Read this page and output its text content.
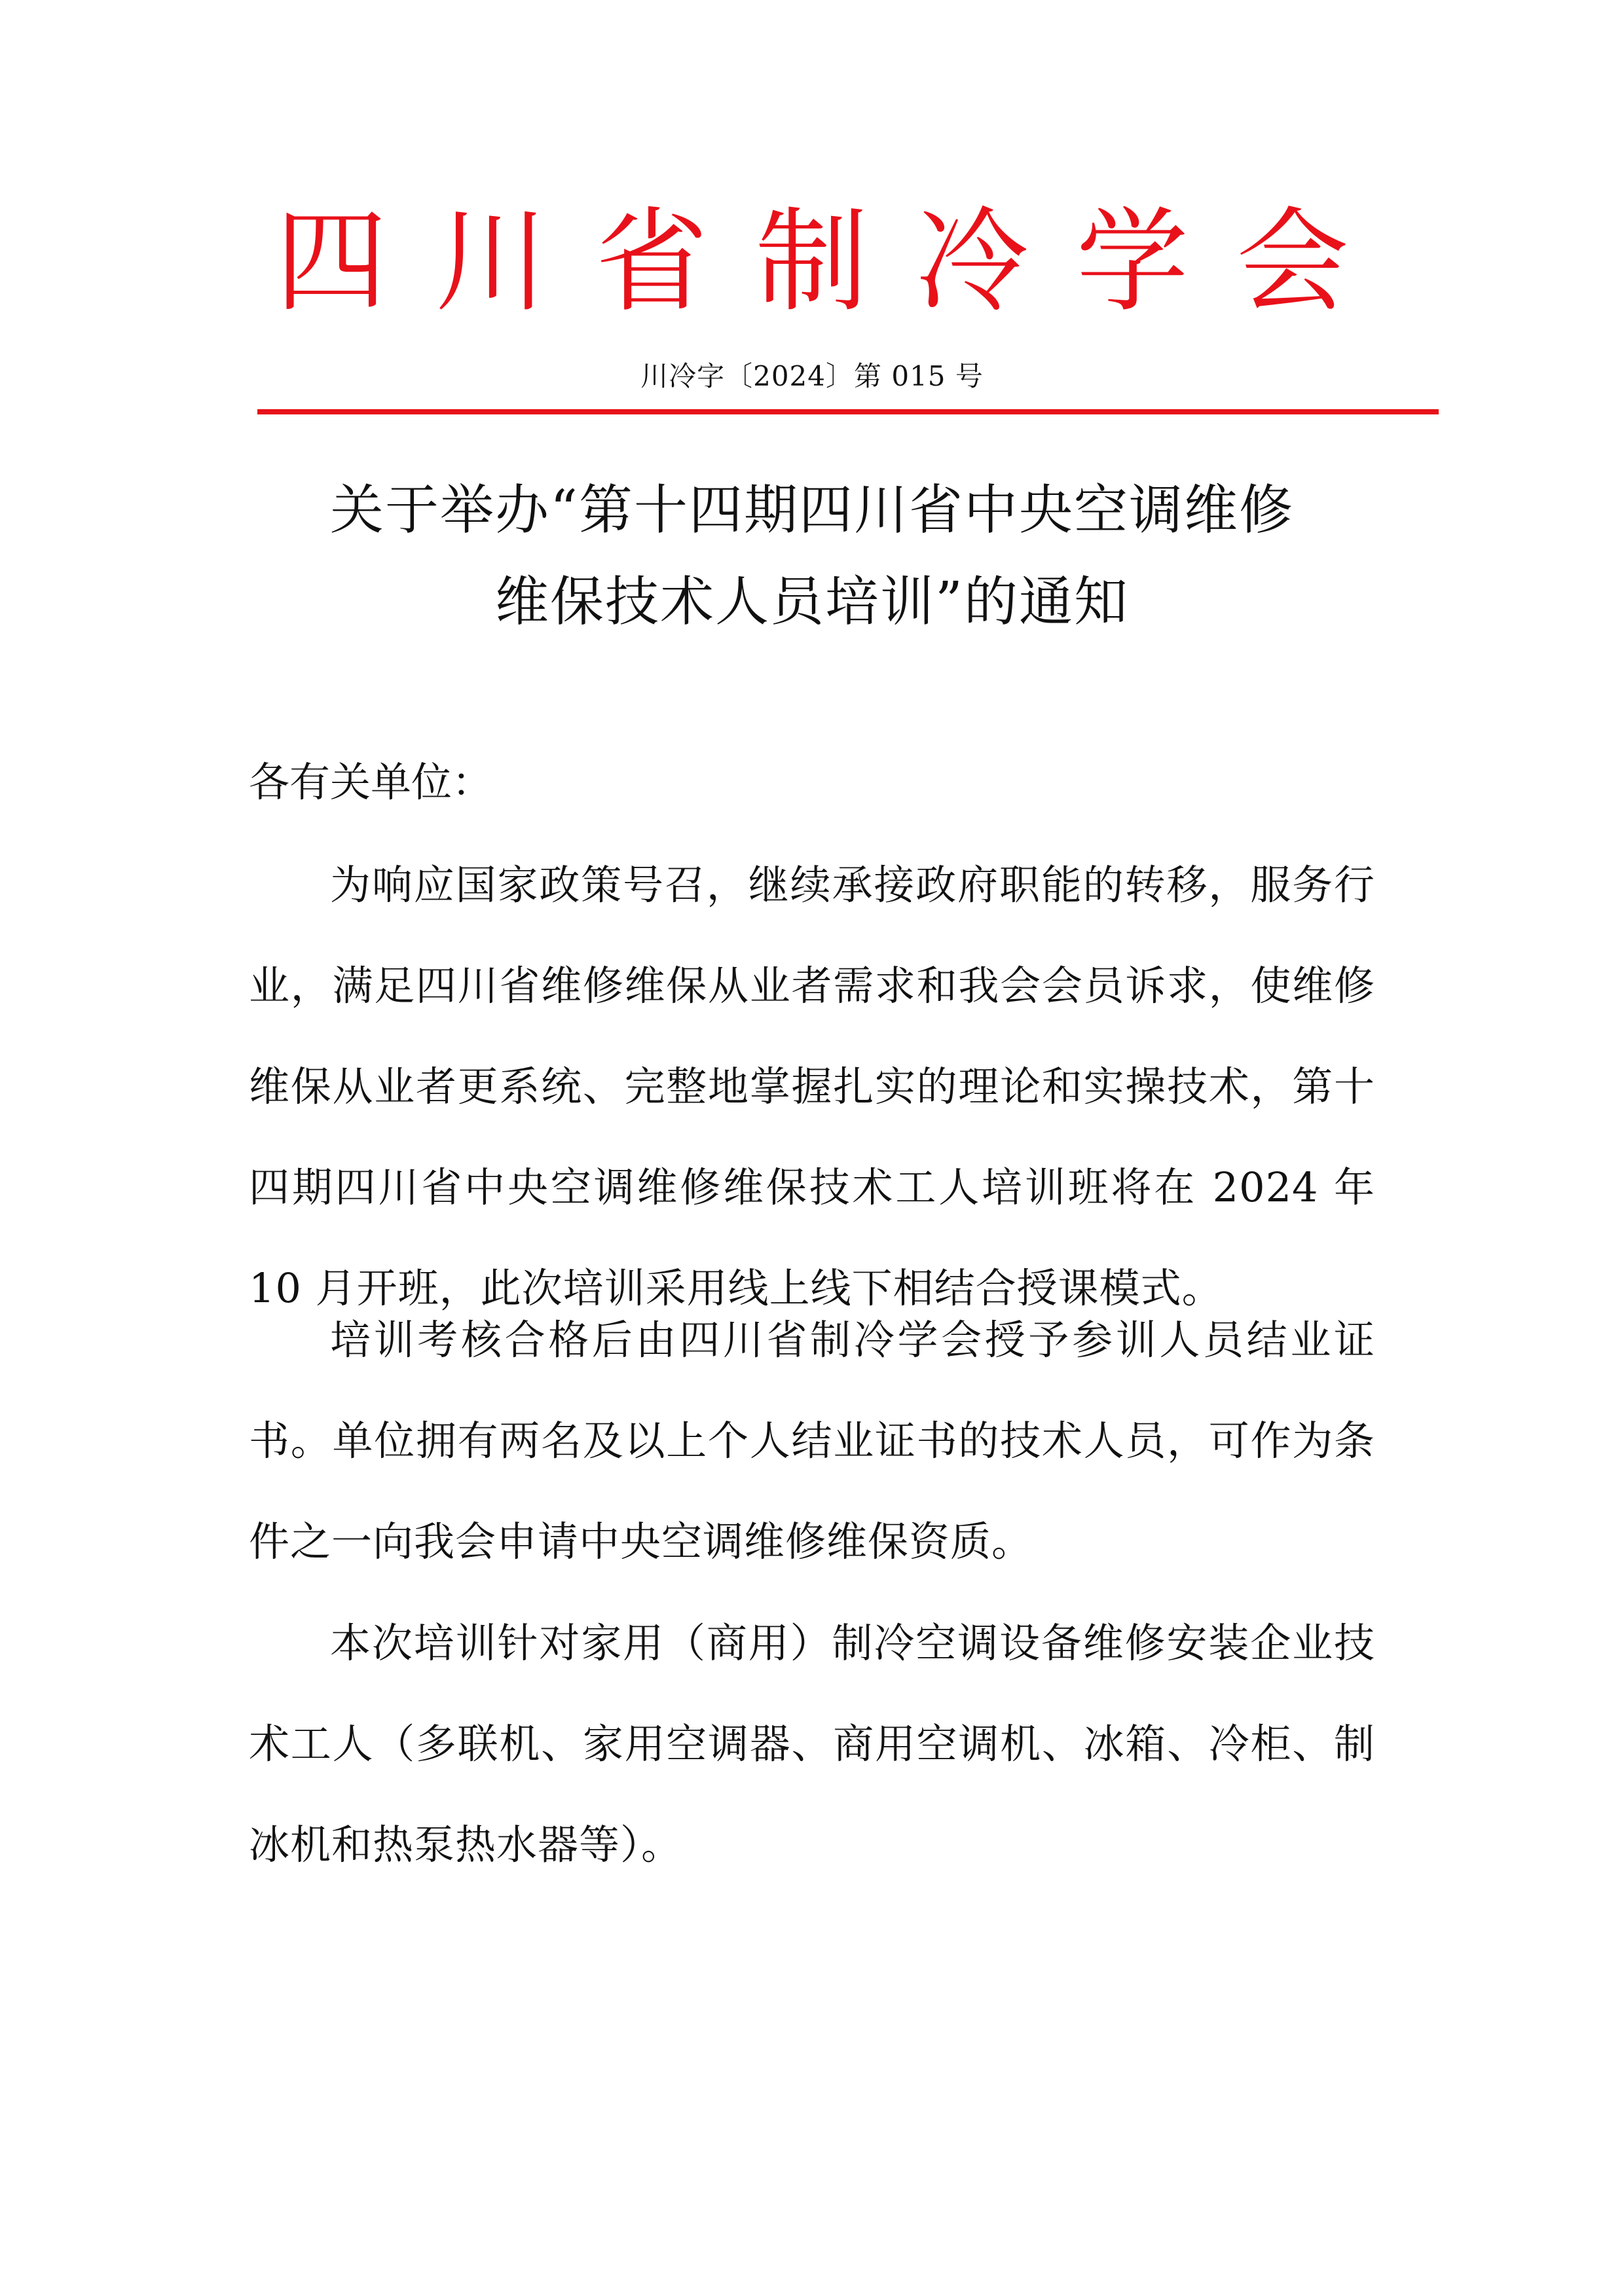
四 川 省 制 冷 学 会
川冷字〔2024〕第 015 号
关于举办“第十四期四川省中央空调维修
维保技术人员培训”的通知
各有关单位：
为响应国家政策号召，继续承接政府职能的转移，服务行业，满足四川省维修维保从业者需求和我会会员诉求，使维修维保从业者更系统、完整地掌握扎实的理论和实操技术，第十四期四川省中央空调维修维保技术工人培训班将在 2024 年 10 月开班，此次培训采用线上线下相结合授课模式。
培训考核合格后由四川省制冷学会授予参训人员结业证书。单位拥有两名及以上个人结业证书的技术人员，可作为条件之一向我会申请中央空调维修维保资质。
本次培训针对家用（商用）制冷空调设备维修安装企业技术工人（多联机、家用空调器、商用空调机、冰箱、冷柜、制冰机和热泵热水器等）。
